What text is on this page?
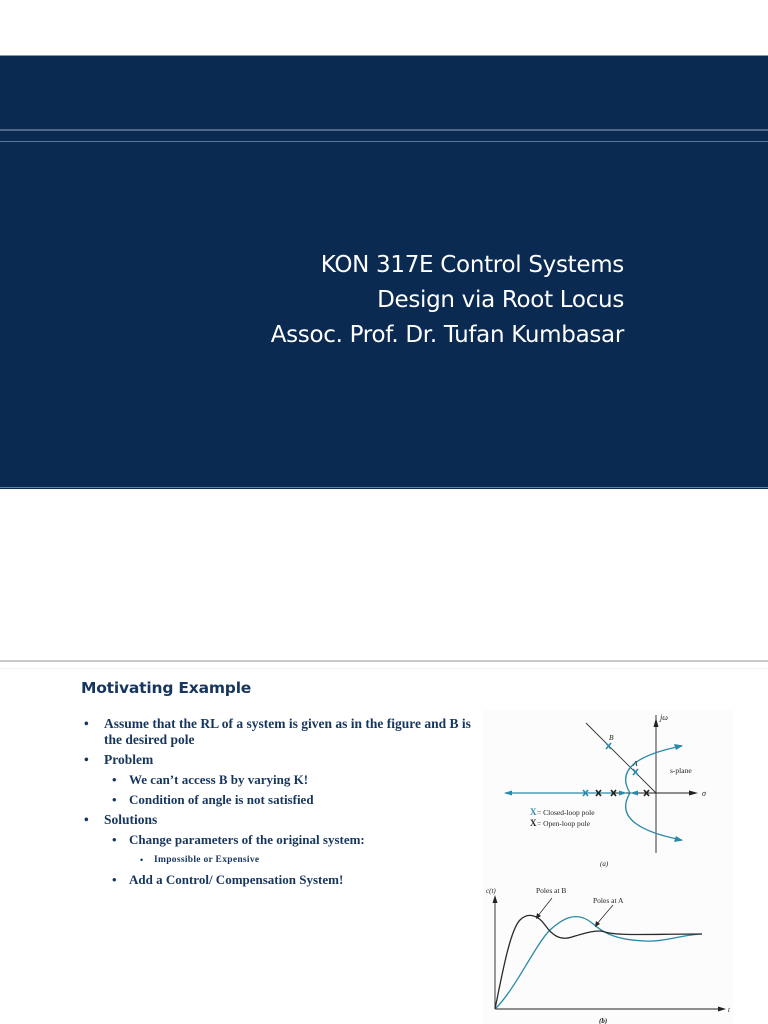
KON 317E Control Systems
Design via Root Locus
Assoc. Prof. Dr. Tufan Kumbasar
Motivating Example
• Assume that the RL of a system is given as in the figure and B is the desired pole
• Problem
• We can’t access B by varying K!
• Condition of angle is not satisfied
• Solutions
• Change parameters of the original system:
• Impossible or Expensive
• Add a Control/ Compensation System!
jω
σ
s-plane
B
A
X = Closed-loop pole
X = Open-loop pole
(a)
c(t)
t
Poles at B
Poles at A
(b)
